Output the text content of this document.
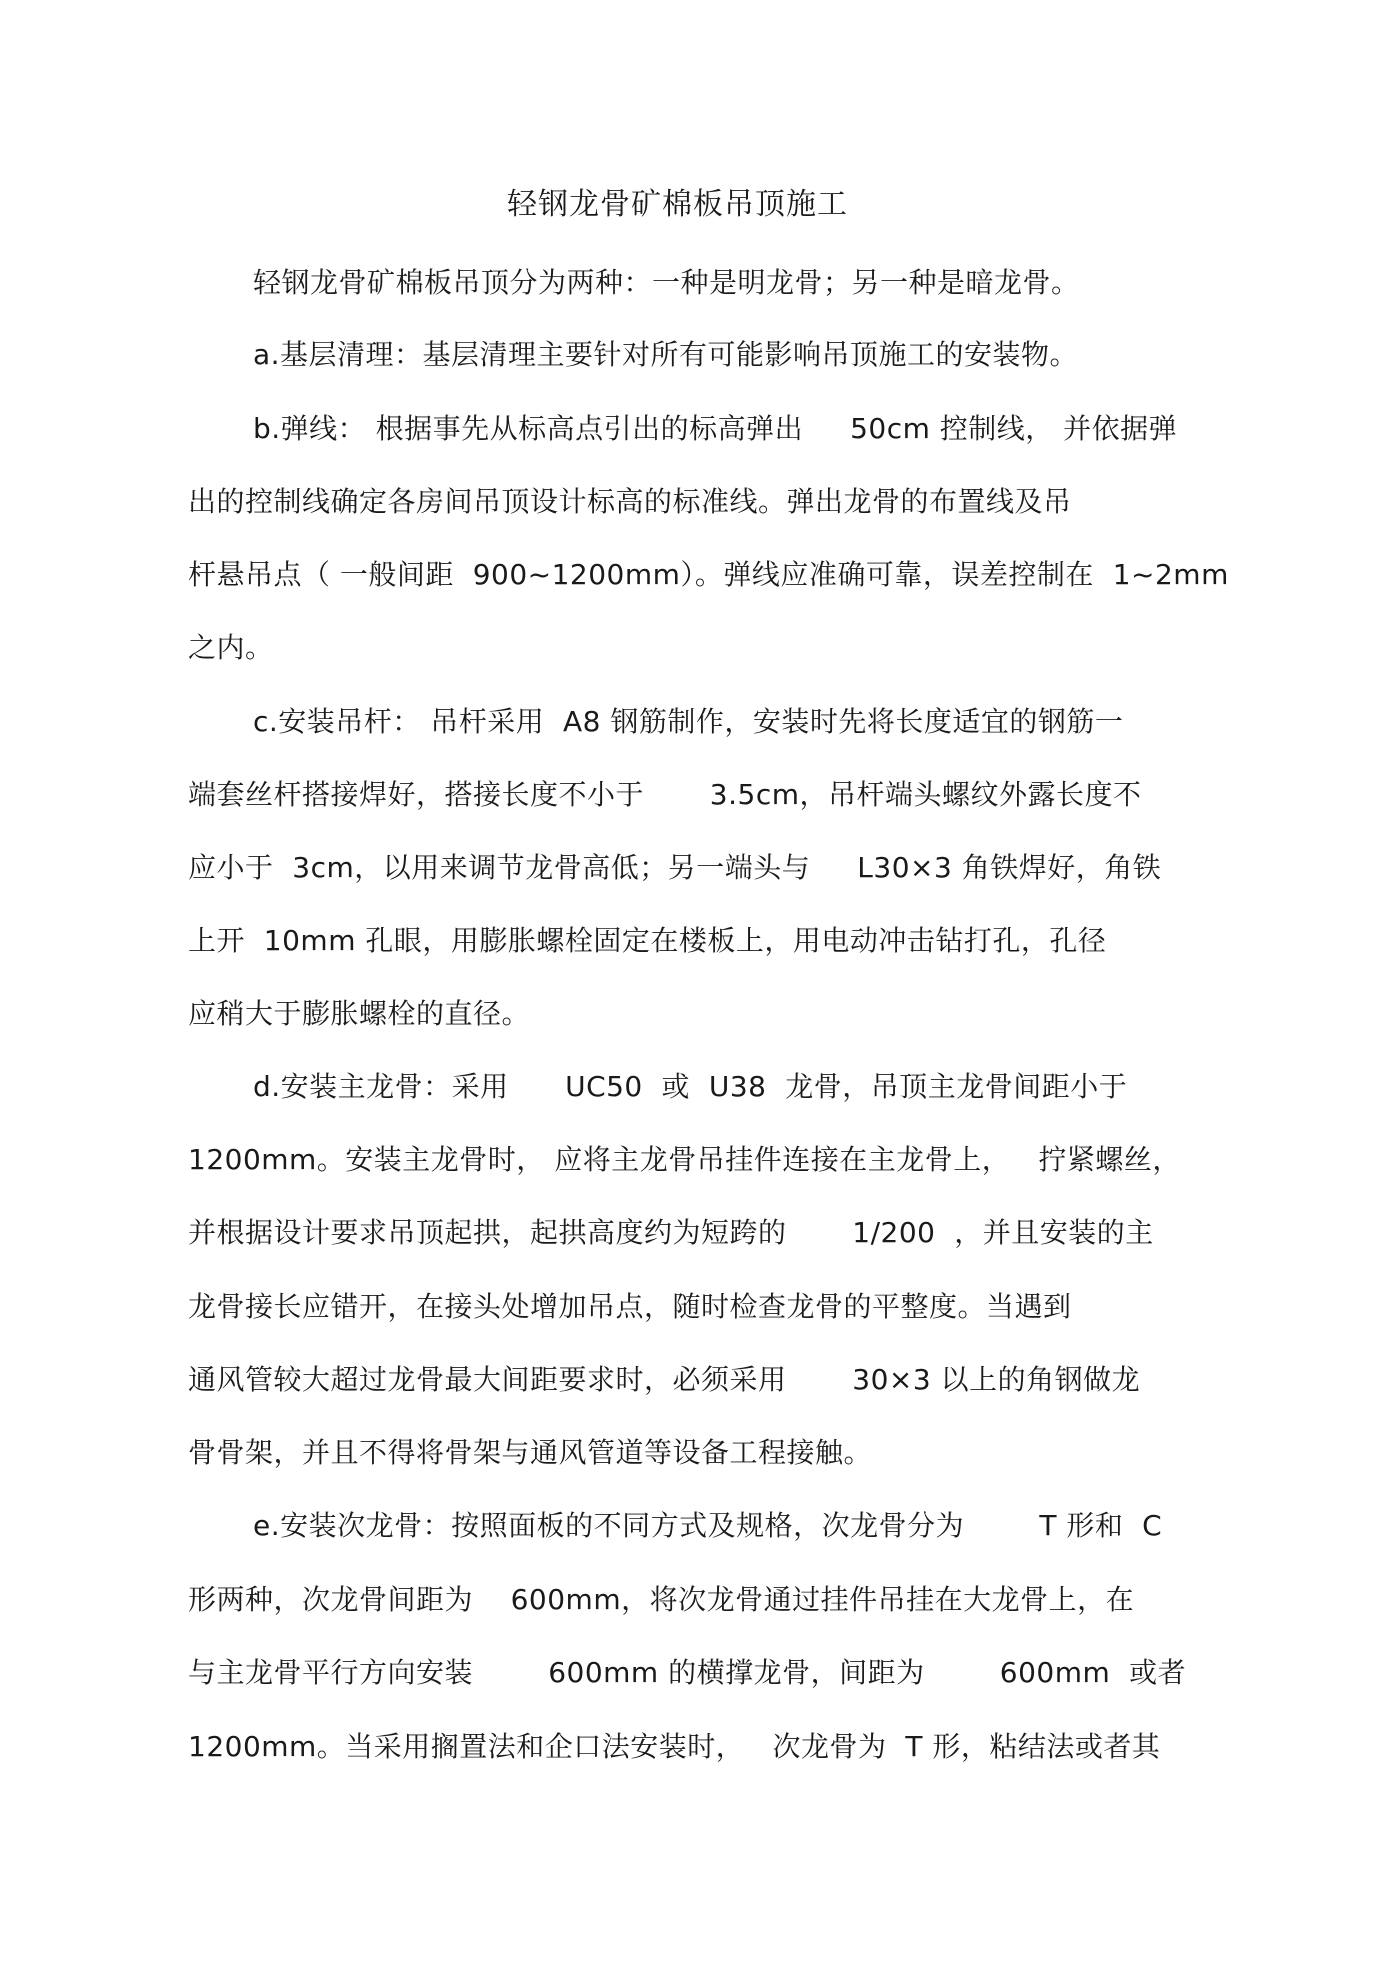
轻钢龙骨矿棉板吊顶施工

轻钢龙骨矿棉板吊顶分为两种：一种是明龙骨；另一种是暗龙骨。

a.基层清理：基层清理主要针对所有可能影响吊顶施工的安装物。

b.弹线： 根据事先从标高点引出的标高弹出     50cm 控制线， 并依据弹

出的控制线确定各房间吊顶设计标高的标准线。弹出龙骨的布置线及吊

杆悬吊点（ 一般间距  900~1200mm）。弹线应准确可靠，误差控制在  1~2mm

之内。

c.安装吊杆： 吊杆采用  A8 钢筋制作，安装时先将长度适宜的钢筋一

端套丝杆搭接焊好，搭接长度不小于       3.5cm，吊杆端头螺纹外露长度不

应小于  3cm，以用来调节龙骨高低；另一端头与     L30×3 角铁焊好，角铁

上开  10mm 孔眼，用膨胀螺栓固定在楼板上，用电动冲击钻打孔，孔径

应稍大于膨胀螺栓的直径。

d.安装主龙骨：采用      UC50  或  U38  龙骨，吊顶主龙骨间距小于

1200mm。安装主龙骨时， 应将主龙骨吊挂件连接在主龙骨上，   拧紧螺丝，

并根据设计要求吊顶起拱，起拱高度约为短跨的       1/200  ，并且安装的主

龙骨接长应错开，在接头处增加吊点，随时检查龙骨的平整度。当遇到

通风管较大超过龙骨最大间距要求时，必须采用       30×3 以上的角钢做龙

骨骨架，并且不得将骨架与通风管道等设备工程接触。

e.安装次龙骨：按照面板的不同方式及规格，次龙骨分为        T 形和  C

形两种，次龙骨间距为    600mm，将次龙骨通过挂件吊挂在大龙骨上，在

与主龙骨平行方向安装        600mm 的横撑龙骨，间距为        600mm  或者

1200mm。当采用搁置法和企口法安装时，   次龙骨为  T 形，粘结法或者其
